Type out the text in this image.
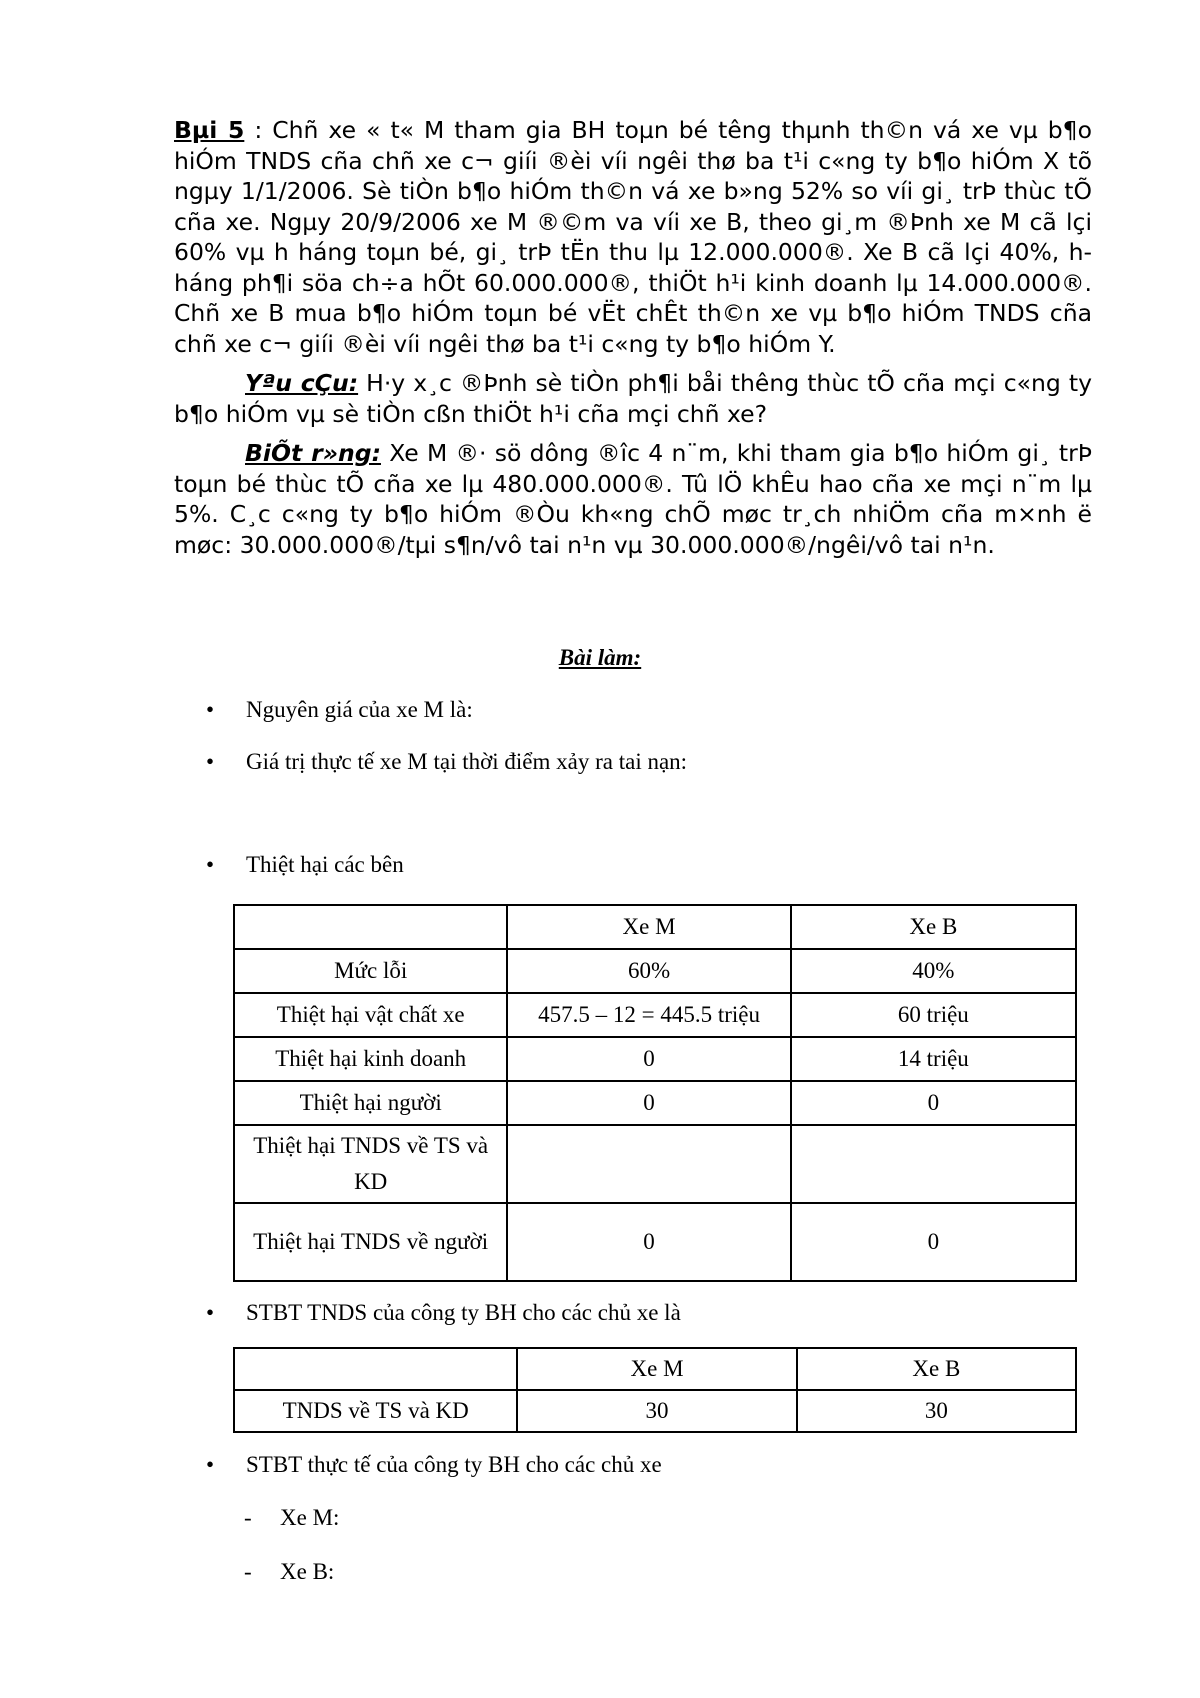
Bµi 5 : Chñ xe « t« M tham gia BH toµn bé têng thµnh th©n vá xe vµ b¶o hiÓm TNDS cña chñ xe c¬ giíi ®èi víi ngêi thø ba t¹i c«ng ty b¶o hiÓm X tõ ngµy 1/1/2006. Sè tiÒn b¶o hiÓm th©n vá xe b»ng 52% so víi gi¸ trÞ thùc tÕ cña xe. Ngµy 20/9/2006 xe M ®©m va víi xe B, theo gi¸m ®Þnh xe M cã lçi 60% vµ h háng toµn bé, gi¸ trÞ tËn thu lµ 12.000.000®. Xe B cã lçi 40%, h háng ph¶i söa ch÷a hÕt 60.000.000®, thiÖt h¹i kinh doanh lµ 14.000.000®. Chñ xe B mua b¶o hiÓm toµn bé vËt chÊt th©n xe vµ b¶o hiÓm TNDS cña chñ xe c¬ giíi ®èi víi ngêi thø ba t¹i c«ng ty b¶o hiÓm Y.

Yªu cÇu: H·y x¸c ®Þnh sè tiÒn ph¶i båi thêng thùc tÕ cña mçi c«ng ty b¶o hiÓm vµ sè tiÒn cßn thiÖt h¹i cña mçi chñ xe?

BiÕt r»ng: Xe M ®· sö dông ®îc 4 n¨m, khi tham gia b¶o hiÓm gi¸ trÞ toµn bé thùc tÕ cña xe lµ 480.000.000®. Tû lÖ khÊu hao cña xe mçi n¨m lµ 5%. C¸c c«ng ty b¶o hiÓm ®Òu kh«ng chÕ møc tr¸ch nhiÖm cña m×nh ë møc: 30.000.000®/tµi s¶n/vô tai n¹n vµ 30.000.000®/ngêi/vô tai n¹n.

Bài làm:
• Nguyên giá của xe M là:
• Giá trị thực tế xe M tại thời điểm xảy ra tai nạn:
• Thiệt hại các bên
	Xe M	Xe B
Mức lỗi	60%	40%
Thiệt hại vật chất xe	457.5 – 12 = 445.5 triệu	60 triệu
Thiệt hại kinh doanh	0	14 triệu
Thiệt hại người	0	0
Thiệt hại TNDS về TS và KD		
Thiệt hại TNDS về người	0	0
• STBT TNDS của công ty BH cho các chủ xe là
	Xe M	Xe B
TNDS về TS và KD	30	30
• STBT thực tế của công ty BH cho các chủ xe
- Xe M:
- Xe B:
